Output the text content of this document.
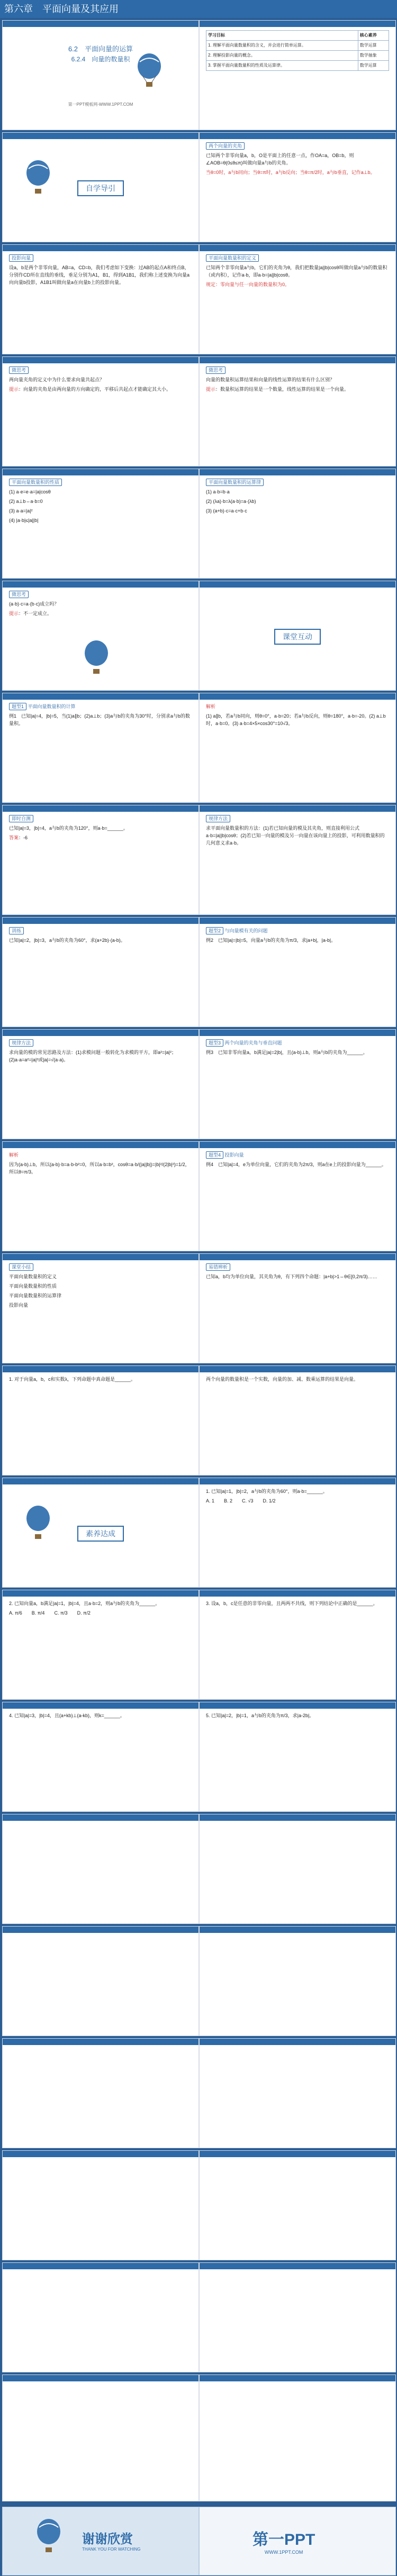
第六章　平面向量及其应用
6.2　平面向量的运算
6.2.4　向量的数量积
第一PPT模板网-WWW.1PPT.COM
学习目标	核心素养
1. 理解平面向量数量积的含义，并会进行简单运算。	数学运算
2. 理解投影向量的概念。	数学抽象
3. 掌握平面向量数量积的性质及运算律。	数学运算
自学导引
两个向量的夹角
已知两个非零向量a，b，O是平面上的任意一点，作OA=a，OB=b，则∠AOB=θ(0≤θ≤π)叫做向量a与b的夹角。
当θ=0时，a与b同向；当θ=π时，a与b反向；当θ=π/2时，a与b垂直，记作a⊥b。
投影向量
设a，b是两个非零向量，AB=a，CD=b，我们考虑如下变换：过AB的起点A和终点B，分别作CD所在直线的垂线，垂足分别为A1，B1，得到A1B1，我们称上述变换为向量a向向量b投影，A1B1叫做向量a在向量b上的投影向量。
平面向量数量积的定义
已知两个非零向量a与b，它们的夹角为θ，我们把数量|a||b|cosθ叫做向量a与b的数量积（或内积），记作a·b，即a·b=|a||b|cosθ。
规定：零向量与任一向量的数量积为0。
微思考
两向量夹角的定义中为什么要求向量共起点？
提示：向量的夹角是由两向量的方向确定的，平移后共起点才能确定其大小。
微思考
向量的数量积运算结果和向量的线性运算的结果有什么区别？
提示：数量积运算的结果是一个数量，线性运算的结果是一个向量。
平面向量数量积的性质
(1) a·e=e·a=|a|cosθ
(2) a⊥b⇔a·b=0
(3) a·a=|a|²
(4) |a·b|≤|a||b|
平面向量数量积的运算律
(1) a·b=b·a
(2) (λa)·b=λ(a·b)=a·(λb)
(3) (a+b)·c=a·c+b·c
微思考
(a·b)·c=a·(b·c)成立吗？
提示：不一定成立。
课堂互动
题型1 平面向量数量积的计算
例1　已知|a|=4，|b|=5，当(1)a∥b；(2)a⊥b；(3)a与b的夹角为30°时，分别求a与b的数量积。
解析
(1) a∥b，若a与b同向，则θ=0°，a·b=20；若a与b反向，则θ=180°，a·b=-20。(2) a⊥b时，a·b=0。(3) a·b=4×5×cos30°=10√3。
即时自测
已知|a|=3，|b|=4，a与b的夹角为120°，则a·b=______。
答案：-6
规律方法
求平面向量数量积的方法：(1)若已知向量的模及其夹角，则直接利用公式a·b=|a||b|cosθ；(2)若已知一向量的模及另一向量在该向量上的投影，可利用数量积的几何意义求a·b。
训练
已知|a|=2，|b|=3，a与b的夹角为60°，求(a+2b)·(a-b)。
题型2 与向量模有关的问题
例2　已知|a|=|b|=5，向量a与b的夹角为π/3，求|a+b|，|a-b|。
规律方法
求向量的模的常见思路及方法：(1)求模问题一般转化为求模的平方，即a²=|a|²；(2)a·a=a²=|a|²或|a|=√(a·a)。
题型3 两个向量的夹角与垂直问题
例3　已知非零向量a，b满足|a|=2|b|，且(a-b)⊥b，则a与b的夹角为______。
解析
因为(a-b)⊥b，所以(a-b)·b=a·b-b²=0，所以a·b=b²，cosθ=a·b/(|a||b|)=|b|²/(2|b|²)=1/2，所以θ=π/3。
题型4 投影向量
例4　已知|a|=4，e为单位向量，它们的夹角为2π/3，则a在e上的投影向量为______。
课堂小结
平面向量数量积的定义
平面向量数量积的性质
平面向量数量积的运算律
投影向量
易错辨析
已知a，b均为单位向量，其夹角为θ，有下列四个命题：|a+b|>1⇔θ∈[0,2π/3)……
1. 对于向量a，b，c和实数λ，下列命题中真命题是______。	两个向量的数量积是一个实数，向量的加、减、数乘运算的结果是向量。
素养达成
1. 已知|a|=1，|b|=2，a与b的夹角为60°，则a·b=______。
A. 1　　B. 2　　C. √3　　D. 1/2
2. 已知向量a，b满足|a|=1，|b|=4，且a·b=2，则a与b的夹角为______。
A. π/6　　B. π/4　　C. π/3　　D. π/2
3. 设a，b，c是任意的非零向量，且两两不共线，则下列结论中正确的是______。
4. 已知|a|=3，|b|=4，且(a+kb)⊥(a-kb)，则k=______。	5. 已知|a|=2，|b|=1，a与b的夹角为π/3，求|a-2b|。
谢谢欣赏
THANK YOU FOR WATCHING
第一PPT
WWW.1PPT.COM
